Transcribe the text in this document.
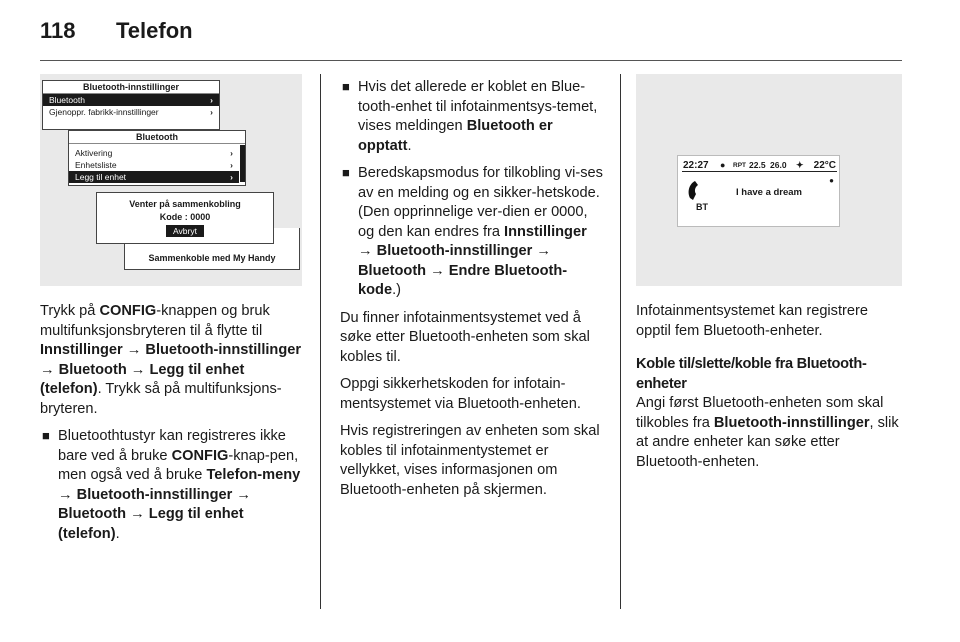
118 Telefon
Bluetooth-innstillinger
Bluetooth	›
Gjenoppr. fabrikk-innstillinger	›
Bluetooth
Aktivering	›
Enhetsliste	›
Legg til enhet	›
Sammenkoble med My Handy
Venter på sammenkobling
Kode : 0000
Avbryt

Trykk på CONFIG-knappen og bruk multifunksjonsbryteren til å flytte til Innstillinger → Bluetooth-innstillinger → Bluetooth → Legg til enhet (telefon). Trykk så på multifunksjons-bryteren.

■ Bluetoothtustyr kan registreres ikke bare ved å bruke CONFIG-knap-pen, men også ved å bruke Telefon-meny → Bluetooth-innstillinger → Bluetooth → Legg til enhet (telefon).
■ Hvis det allerede er koblet en Blue-tooth-enhet til infotainmentsys-temet, vises meldingen Bluetooth er opptatt.
■ Beredskapsmodus for tilkobling vi-ses av en melding og en sikker-hetskode. (Den opprinnelige ver-dien er 0000, og den kan endres fra Innstillinger → Bluetooth-innstillinger → Bluetooth → Endre Bluetooth-kode.)

Du finner infotainmentsystemet ved å søke etter Bluetooth-enheten som skal kobles til.

Oppgi sikkerhetskoden for infotain-mentsystemet via Bluetooth-enheten.

Hvis registreringen av enheten som skal kobles til infotainmentystemet er vellykket, vises informasjonen om Bluetooth-enheten på skjermen.

22:27 ● RPT 22.5 26.0 ✦ 22°C
BT
I have a dream
●

Infotainmentsystemet kan registrere opptil fem Bluetooth-enheter.

Koble til/slette/koble fra Bluetooth-enheter

Angi først Bluetooth-enheten som skal tilkobles fra Bluetooth-innstillinger, slik at andre enheter kan søke etter Bluetooth-enheten.
